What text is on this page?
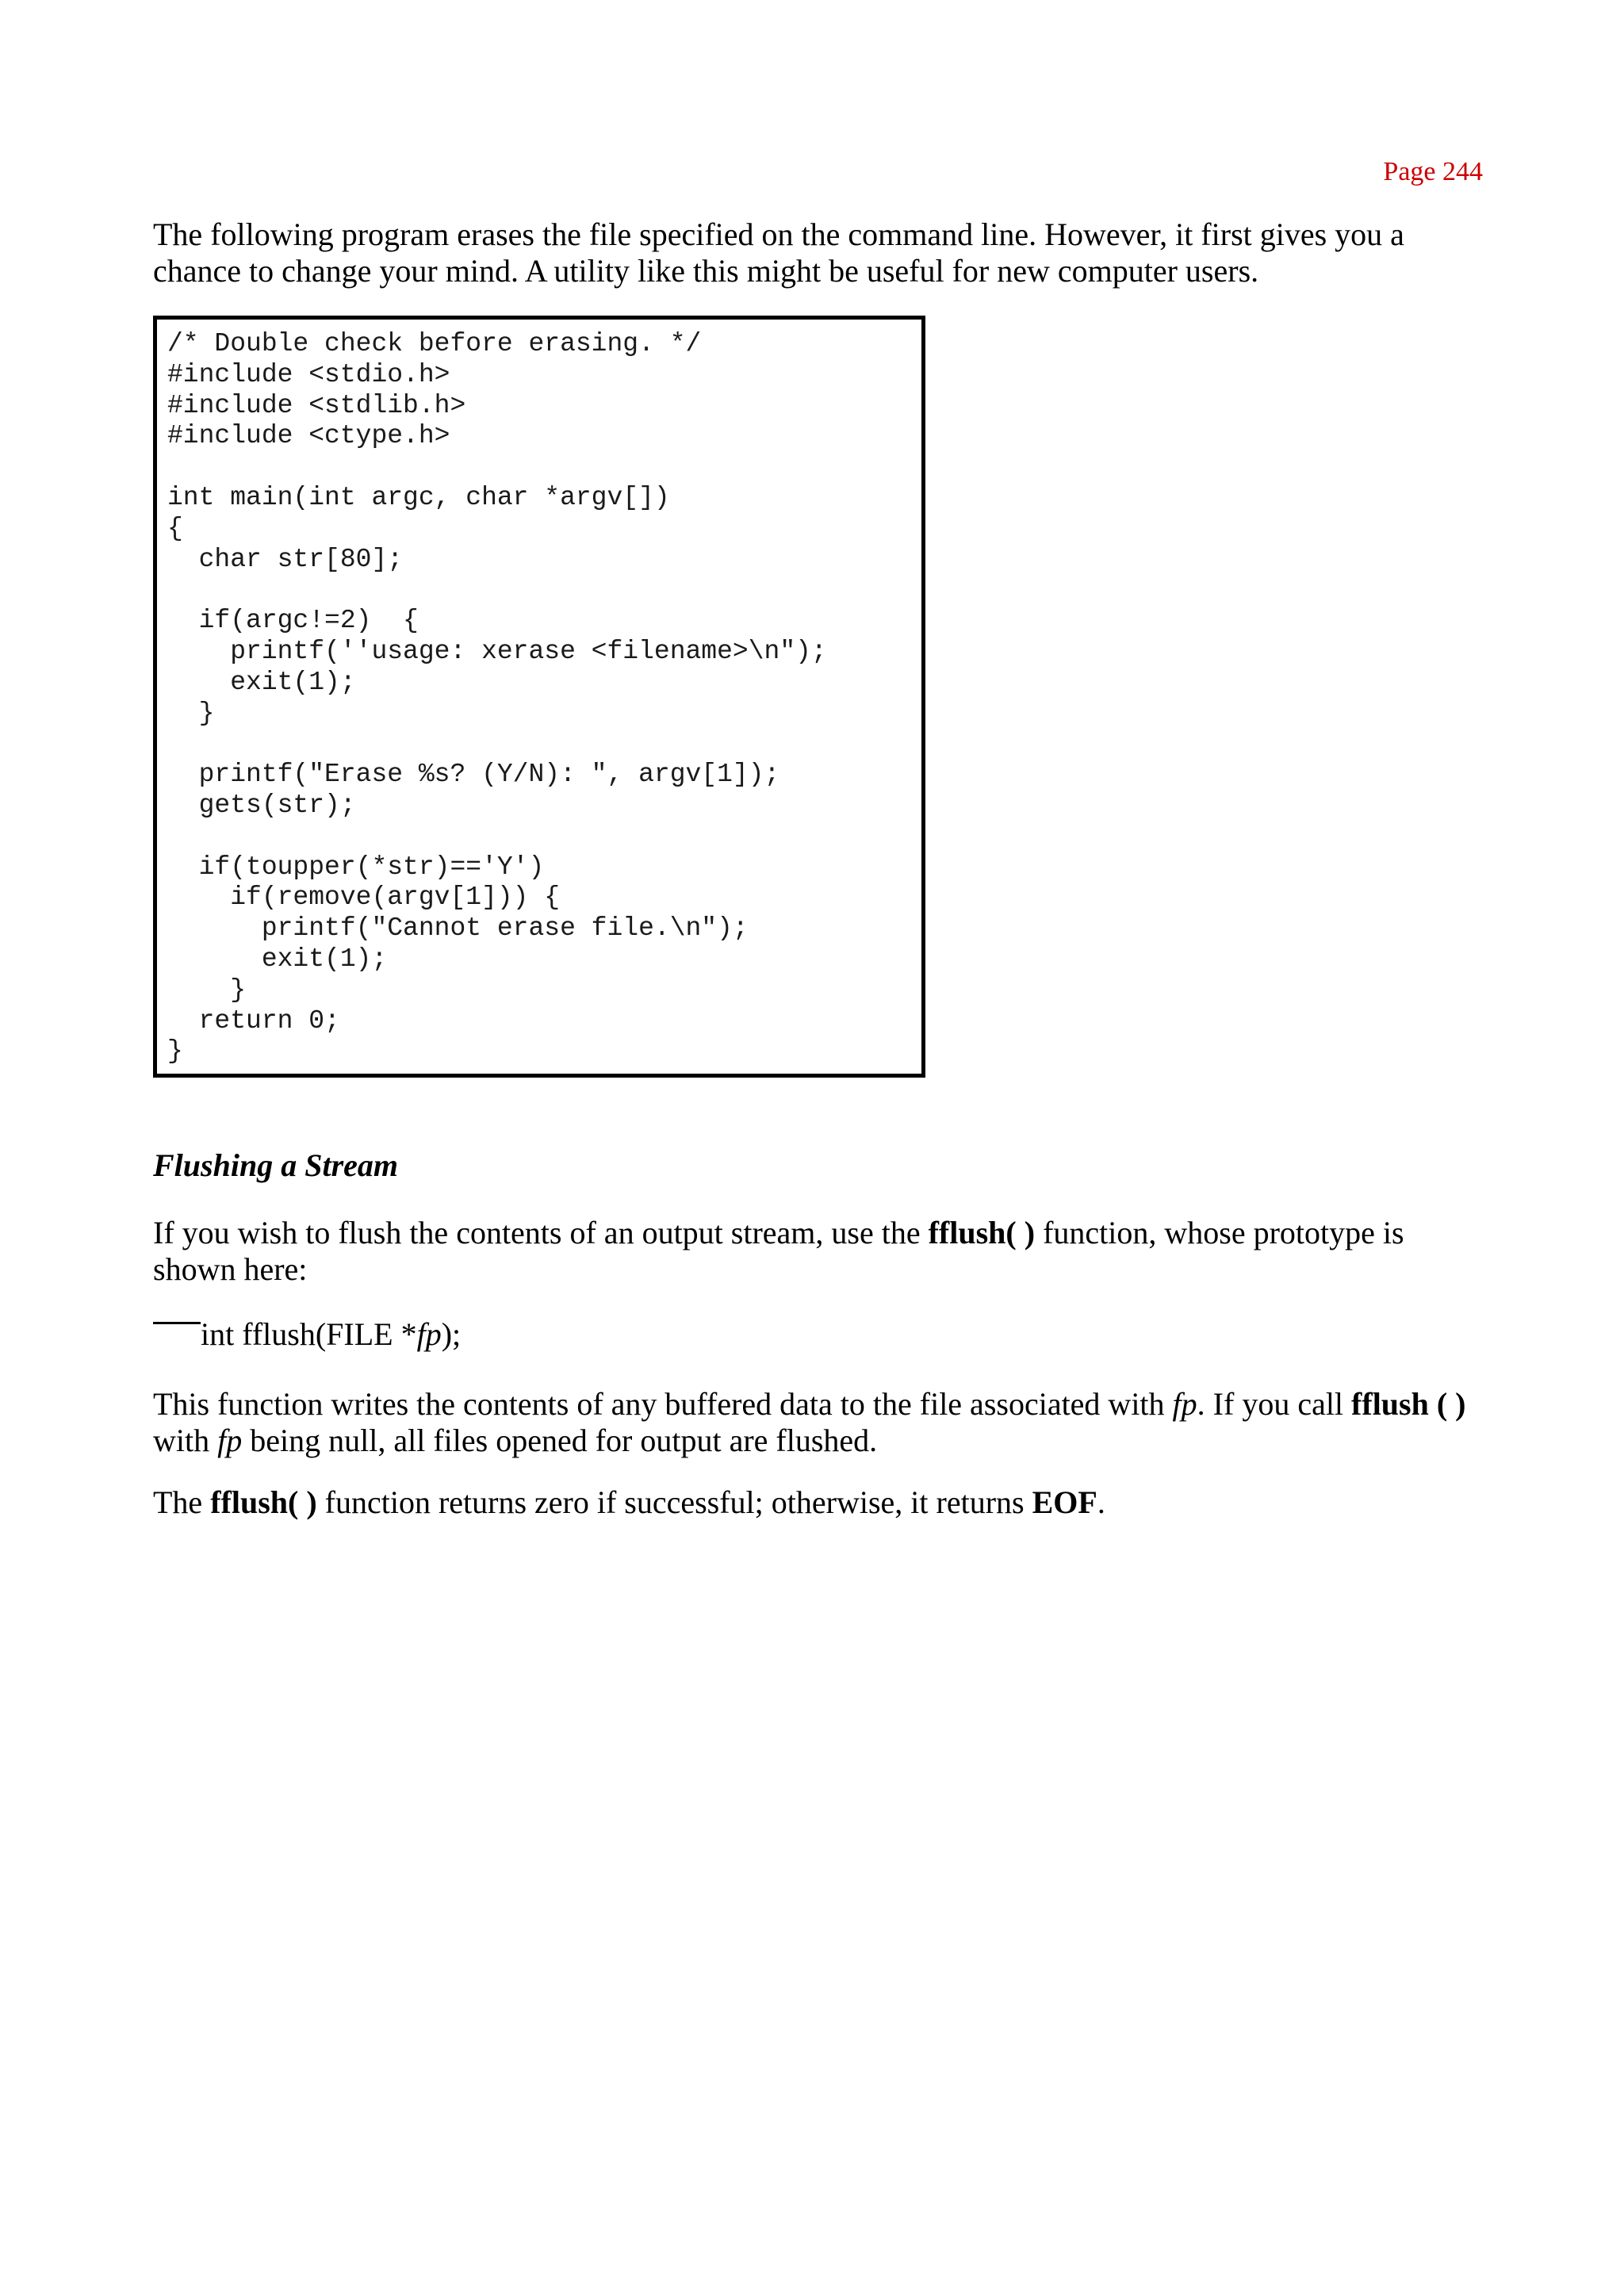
Page 244

The following program erases the file specified on the command line. However, it first gives you a chance to change your mind. A utility like this might be useful for new computer users.

/* Double check before erasing. */
#include <stdio.h>
#include <stdlib.h>
#include <ctype.h>

int main(int argc, char *argv[])
{
char str[80];

if(argc!=2)  {
printf(''usage: xerase <filename>\n");
exit(1);
}

printf("Erase %s? (Y/N): ", argv[1]);
gets(str);

if(toupper(*str)=='Y')
if(remove(argv[1])) {
printf("Cannot erase file.\n");
exit(1);
}
return 0;
}
Flushing a Stream

If you wish to flush the contents of an output stream, use the fflush( ) function, whose prototype is shown here:

int fflush(FILE *fp);

This function writes the contents of any buffered data to the file associated with fp. If you call fflush ( ) with fp being null, all files opened for output are flushed.

The fflush( ) function returns zero if successful; otherwise, it returns EOF.
